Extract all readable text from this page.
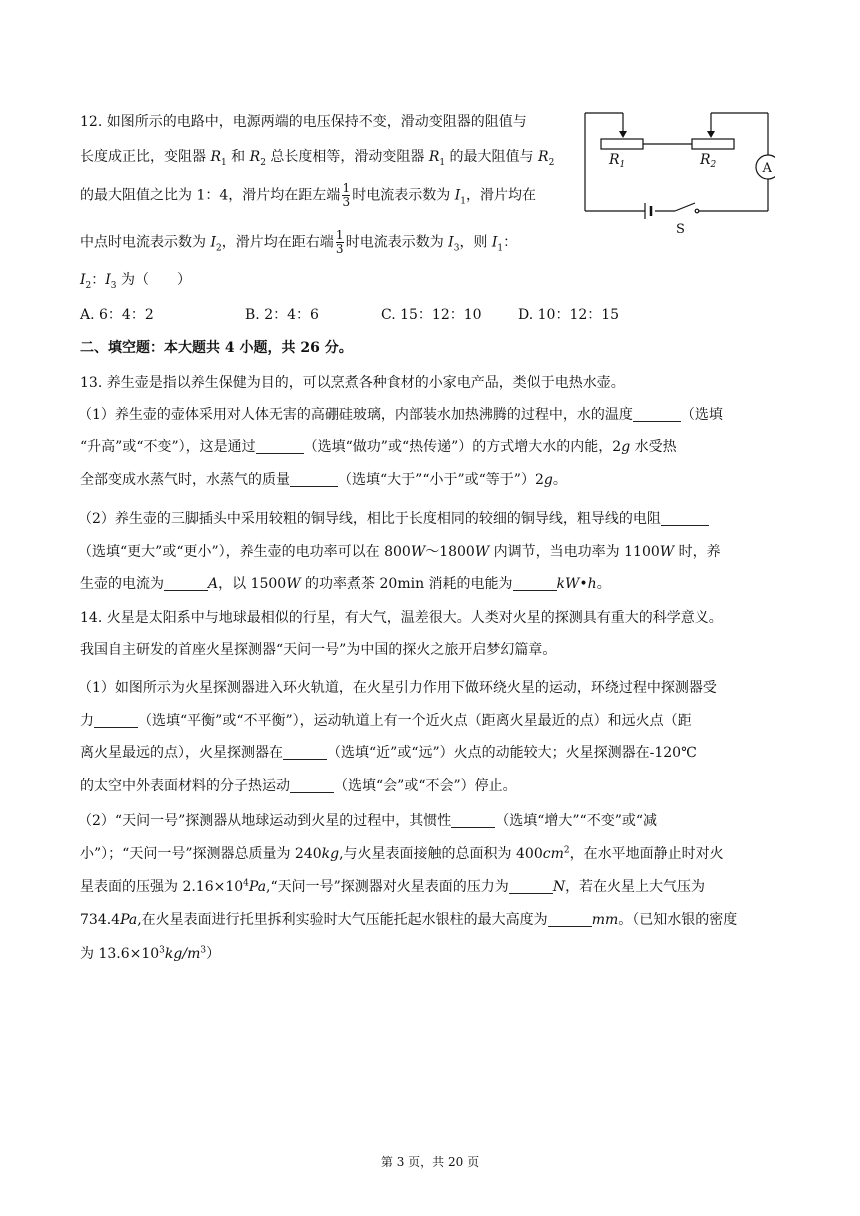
12. 如图所示的电路中，电源两端的电压保持不变，滑动变阻器的阻值与
长度成正比，变阻器 $R_1$ 和 $R_2$ 总长度相等，滑动变阻器 $R_1$ 的最大阻值与 $R_2$
的最大阻值之比为 1：4，滑片均在距左端 $\frac{1}{3}$ 时电流表示数为 $I_1$，滑片均在
中点时电流表示数为 $I_2$，滑片均在距右端 $\frac{1}{3}$ 时电流表示数为 $I_3$，则 $I_1$：
$I_2$：$I_3$ 为（　　）
A. 6：4：2	B. 2：4：6	C. 15：12：10	D. 10：12：15
$R_1$	$R_2$	A
S
二、填空题：本大题共 4 小题，共 26 分。
13. 养生壶是指以养生保健为目的，可以烹煮各种食材的小家电产品，类似于电热水壶。
（1）养生壶的壶体采用对人体无害的高硼硅玻璃，内部装水加热沸腾的过程中，水的温度	（选填
“升高”或“不变”），这是通过	（选填“做功”或“热传递”）的方式增大水的内能，2g 水受热
全部变成水蒸气时，水蒸气的质量	（选填“大于”“小于”或“等于”）2g。
（2）养生壶的三脚插头中采用较粗的铜导线，相比于长度相同的较细的铜导线，粗导线的电阻
（选填“更大”或“更小”），养生壶的电功率可以在 800W～1800W 内调节，当电功率为 1100W 时，养
生壶的电流为	A，以 1500W 的功率煮茶 20min 消耗的电能为	kW•h。
14. 火星是太阳系中与地球最相似的行星，有大气，温差很大。人类对火星的探测具有重大的科学意义。
我国自主研发的首座火星探测器“天问一号”为中国的探火之旅开启梦幻篇章。
（1）如图所示为火星探测器进入环火轨道，在火星引力作用下做环绕火星的运动，环绕过程中探测器受
力	（选填“平衡”或“不平衡”），运动轨道上有一个近火点（距离火星最近的点）和远火点（距
离火星最远的点），火星探测器在	（选填“近”或“远”）火点的动能较大；火星探测器在-120℃
的太空中外表面材料的分子热运动	（选填“会”或“不会”）停止。
（2）“天问一号”探测器从地球运动到火星的过程中，其惯性	（选填“增大”“不变”或“减
小”）；“天问一号”探测器总质量为 240kg,与火星表面接触的总面积为 $400cm^2$，在水平地面静止时对火
星表面的压强为 $2.16\times 10^4Pa,“$天问一号”探测器对火星表面的压力为	N，若在火星上大气压为
734.4Pa,在火星表面进行托里拆利实验时大气压能托起水银柱的最大高度为	mm。（已知水银的密度
为 $13.6\times 10^3kg/m^3$）
第 3 页，共 20 页
